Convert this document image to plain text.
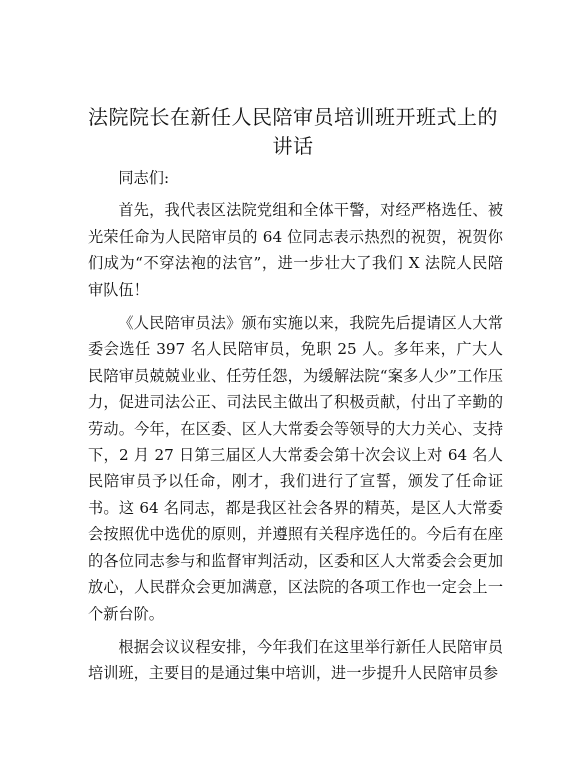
法院院长在新任人民陪审员培训班开班式上的讲话

同志们:

首先，我代表区法院党组和全体干警，对经严格选任、被光荣任命为人民陪审员的 64 位同志表示热烈的祝贺，祝贺你们成为“不穿法袍的法官”，进一步壮大了我们 X 法院人民陪审队伍！

《人民陪审员法》颁布实施以来，我院先后提请区人大常委会选任 397 名人民陪审员，免职 25 人。多年来，广大人民陪审员兢兢业业、任劳任怨，为缓解法院“案多人少”工作压力，促进司法公正、司法民主做出了积极贡献，付出了辛勤的劳动。今年，在区委、区人大常委会等领导的大力关心、支持下，2 月 27 日第三届区人大常委会第十次会议上对 64 名人民陪审员予以任命，刚才，我们进行了宣誓，颁发了任命证书。这 64 名同志，都是我区社会各界的精英，是区人大常委会按照优中选优的原则，并遵照有关程序选任的。今后有在座的各位同志参与和监督审判活动，区委和区人大常委会会更加放心，人民群众会更加满意，区法院的各项工作也一定会上一个新台阶。

根据会议议程安排，今年我们在这里举行新任人民陪审员培训班，主要目的是通过集中培训，进一步提升人民陪审员参
